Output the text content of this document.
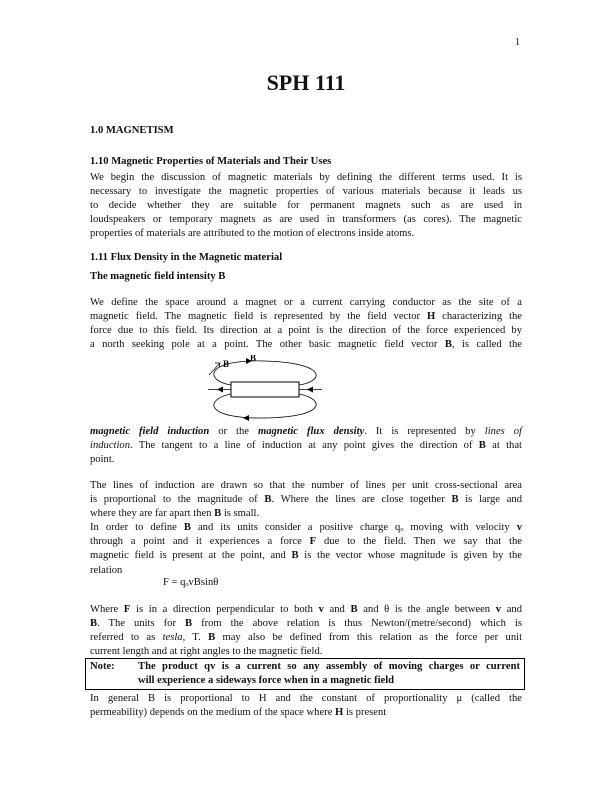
1
SPH 111
1.0 MAGNETISM
1.10 Magnetic Properties of Materials and Their Uses
We begin the discussion of magnetic materials by defining the different terms used. It is
necessary to investigate the magnetic properties of various materials because it leads us
to decide whether they are suitable for permanent magnets such as are used in
loudspeakers or temporary magnets as are used in transformers (as cores). The magnetic
properties of materials are attributed to the motion of electrons inside atoms.
1.11 Flux Density in the Magnetic material
The magnetic field intensity B
We define the space around a magnet or a current carrying conductor as the site of a
magnetic field. The magnetic field is represented by the field vector H characterizing the
force due to this field. Its direction at a point is the direction of the force experienced by
a north seeking pole at a point. The other basic magnetic field vector B, is called the
B
B
magnetic field induction or the magnetic flux density. It is represented by lines of
induction. The tangent to a line of induction at any point gives the direction of B at that
point.
The lines of induction are drawn so that the number of lines per unit cross-sectional area
is proportional to the magnitude of B. Where the lines are close together B is large and
where they are far apart then B is small.
In order to define B and its units consider a positive charge qₒ moving with velocity v
through a point and it experiences a force F due to the field. Then we say that the
magnetic field is present at the point, and B is the vector whose magnitude is given by the
relation
F = qₒvBsinθ
Where F is in a direction perpendicular to both v and B and θ is the angle between v and
B. The units for B from the above relation is thus Newton/(metre/second) which is
referred to as tesla, T. B may also be defined from this relation as the force per unit
current length and at right angles to the magnetic field.
Note:	The product qv is a current so any assembly of moving charges or current
will experience a sideways force when in a magnetic field
In general B is proportional to H and the constant of proportionality μ (called the
permeability) depends on the medium of the space where H is present
